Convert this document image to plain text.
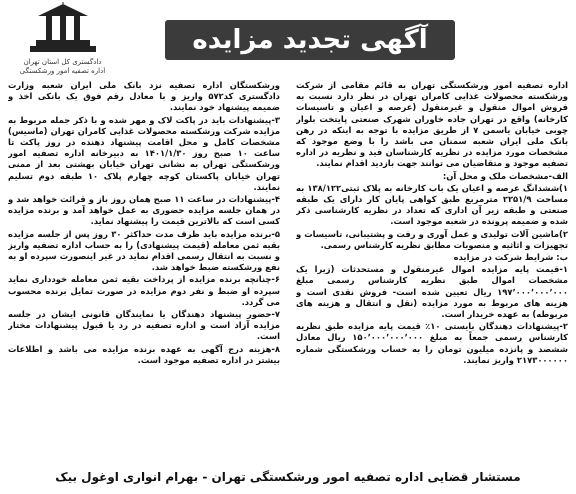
دادگستری کل استان تهران
اداره تصفیه امور ورشکستگی
آگهی تجدید مزایده

اداره تصفیه امور ورشکستگی تهران به قائم مقامی از شرکت ورشکسته محصولات غذایی کامران تهران در نظر دارد نسبت به فروش اموال منقول و غیرمنقول (عرصه و اعیان و تاسیسات کارخانه) واقع در تهران جاده خاوران شهرک صنعتی پایتخت بلوار چوبی خیابان یاسمن ۷ از طریق مزایده با توجه به اینکه در رهن بانک ملی ایران شعبه سمنان می باشد را با وضع موجود که مشخصات مورد مزایده در نظریه کارشناسان فید و نظریه در اداره تصفیه موجود و متقاضیان می توانند جهت بازدید اقدام نمایند.

الف-مشخصات ملک و محل آن:

۱)ششدانگ عرصه و اعیان یک باب کارخانه به پلاک ثبتی۱۳۸/۱۲۲ به مساحت ۲۲۵۱/۹ مترمربع طبق کواهی پایان کار دارای یک طبقه صنعتی و طبقه زیر آن اداری که تعداد در نظریه کارشناسی ذکر شده و ضمیمه پرونده در شعبه موجود است.

۲)ماشین آلات تولیدی و عمل آوری و رفت و پشتیبانی، تاسیسات و تجهیزات و اثاثیه و منصوبات مطابق نظریه کارشناس رسمی.

ب: شرایط شرکت در مزایده

۱-قیمت پایه مزایده اموال غیرمنقول و مستحدثات (زیرا یک مشخصات اموال طبق نظریه کارشناس رسمی مبلغ ۱۹۷٬۰۰۰٬۰۰۰٬۰۰۰ ریال تعیین شده است- فروش نقدی است و هزینه های مربوط به مورد مزایده (نقل و انتقال و هزینه های مربوطه) به عهده خریدار است.

۲-پیشنهادات دهندگان بایستی ۱۰٪ قیمت پایه مزایده طبق نظریه کارشناس رسمی جمعاً به مبلغ ۱۵۰٬۰۰۰٬۰۰۰٬۰۰۰ ریال معادل ششصد و پانزده میلیون تومان را به حساب ورشکستگی شماره ۲۱۷۳۰۰۰۰۰۰ واریز نمایند.

ورشکستگان اداره تصفیه نزد بانک ملی ایران شعبه وزارت دادگستری کد۵۷۲ واریز و با معادل رقم فوق یک بانکی اخذ و ضمیمه پیشنهاد خود نمایند.

۳-پیشنهادات باید در پاکت لاک و مهر شده و با ذکر جمله مربوط به مزایده شرکت ورشکسته محصولات غذایی کامران تهران (ماسیس) مشخصات کامل و محل اقامت پیشنهاد دهنده در روز پاکت تا ساعت ۱۰ صبح روز ۱۴۰۱/۱/۳۰ به دبیرخانه اداره تصفیه امور ورشکستگی تهران به نشانی تهران خیابان بهشتی بعد از ممنی تهران خیابان پاکستان کوچه چهارم پلاک ۱۰ طبقه دوم تسلیم نمایند.

۴-پیشنهادات در ساعت ۱۱ صبح همان روز باز و قرائت خواهد شد و در همان جلسه مزایده حضوری به عمل خواهد آمد و برنده مزایده کسی است که بالاترین قیمت را پیشنهاد نماید.

۵-برنده مزایده باید ظرف مدت حداکثر ۳۰ روز پس از جلسه مزایده بقیه ثمن معامله (قیمت پیشنهادی) را به حساب اداره تصفیه واریز و نسبت به انتقال رسمی اقدام نماید در غیر اینصورت سپرده او به نفع ورشکسته ضبط خواهد شد.

۶-چنانچه برنده مزایده از پرداخت بقیه ثمن معامله خودداری نماید سپرده او ضبط و نفر دوم مزایده در صورت تمایل برنده محسوب می گردد.

۷-حضور پیشنهاد دهندگان یا نمایندگان قانونی ایشان در جلسه مزایده آزاد است و اداره تصفیه در رد یا قبول پیشنهادات مختار است.

۸-هزینه درج آگهی به عهده برنده مزایده می باشد و اطلاعات بیشتر در اداره تصفیه موجود است.

مستشار قضایی اداره تصفیه امور ورشکستگی تهران - بهرام انواری اوغول بیک
